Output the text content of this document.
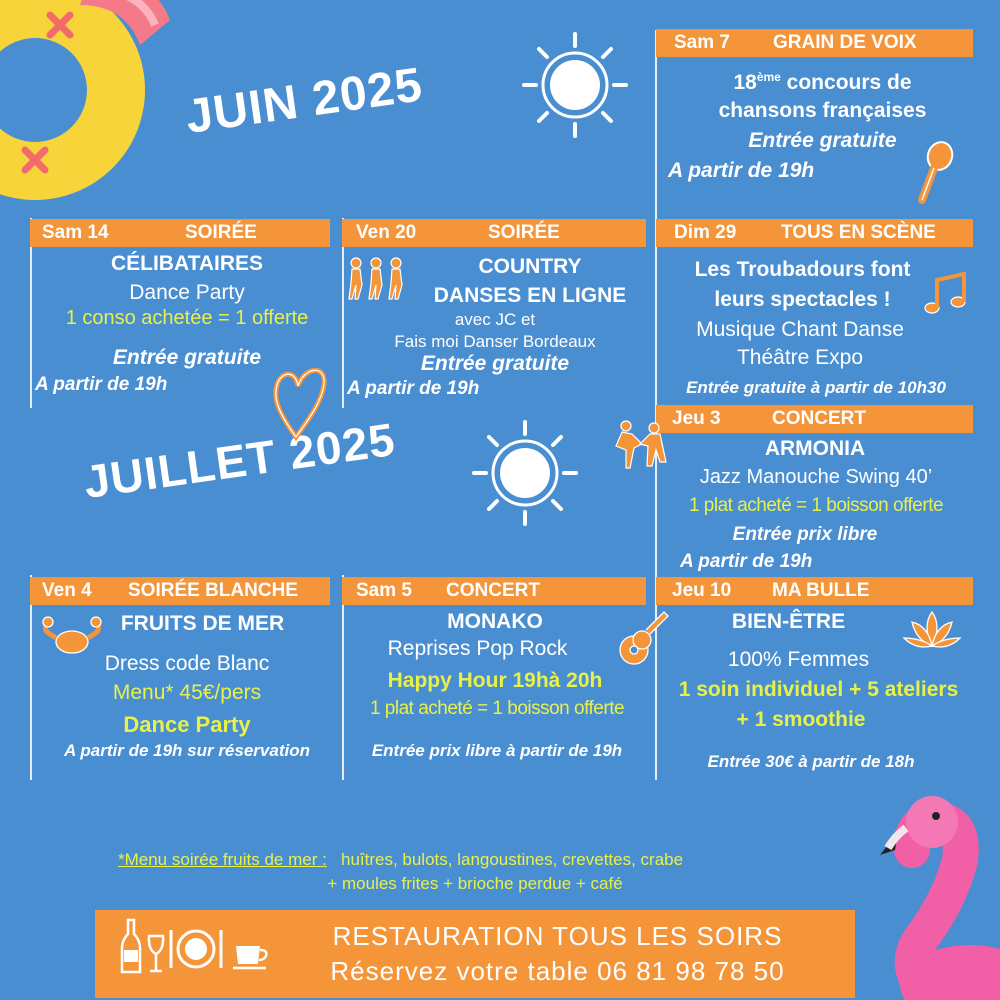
JUIN 2025
JUILLET 2025
Sam 7 GRAIN DE VOIX
18ème concours de
chansons françaises
Entrée gratuite
A partir de 19h
Sam 14	SOIRÉE
CÉLIBATAIRES
Dance Party
1 conso achetée = 1 offerte
Entrée gratuite
A partir de 19h
Ven 20	SOIRÉE
COUNTRY
DANSES EN LIGNE
avec JC et
Fais moi Danser Bordeaux
Entrée gratuite
A partir de 19h
Dim 29 TOUS EN SCÈNE
Les Troubadours font
leurs spectacles !
Musique Chant Danse
Théâtre Expo
Entrée gratuite à partir de 10h30
Jeu 3	CONCERT
ARMONIA
Jazz Manouche Swing 40’
1 plat acheté = 1 boisson offerte
Entrée prix libre
A partir de 19h
Ven 4 SOIRÉE BLANCHE
FRUITS DE MER
Dress code Blanc
Menu* 45€/pers
Dance Party
A partir de 19h sur réservation
Sam 5 CONCERT
MONAKO
Reprises Pop Rock
Happy Hour 19hà 20h
1 plat acheté = 1 boisson offerte
Entrée prix libre à partir de 19h
Jeu 10 MA BULLE
BIEN-ÊTRE
100% Femmes
1 soin individuel + 5 ateliers
+ 1 smoothie
Entrée 30€ à partir de 18h
*Menu soirée fruits de mer : huîtres, bulots, langoustines, crevettes, crabe
+ moules frites + brioche perdue + café
RESTAURATION TOUS LES SOIRS
Réservez votre table 06 81 98 78 50
